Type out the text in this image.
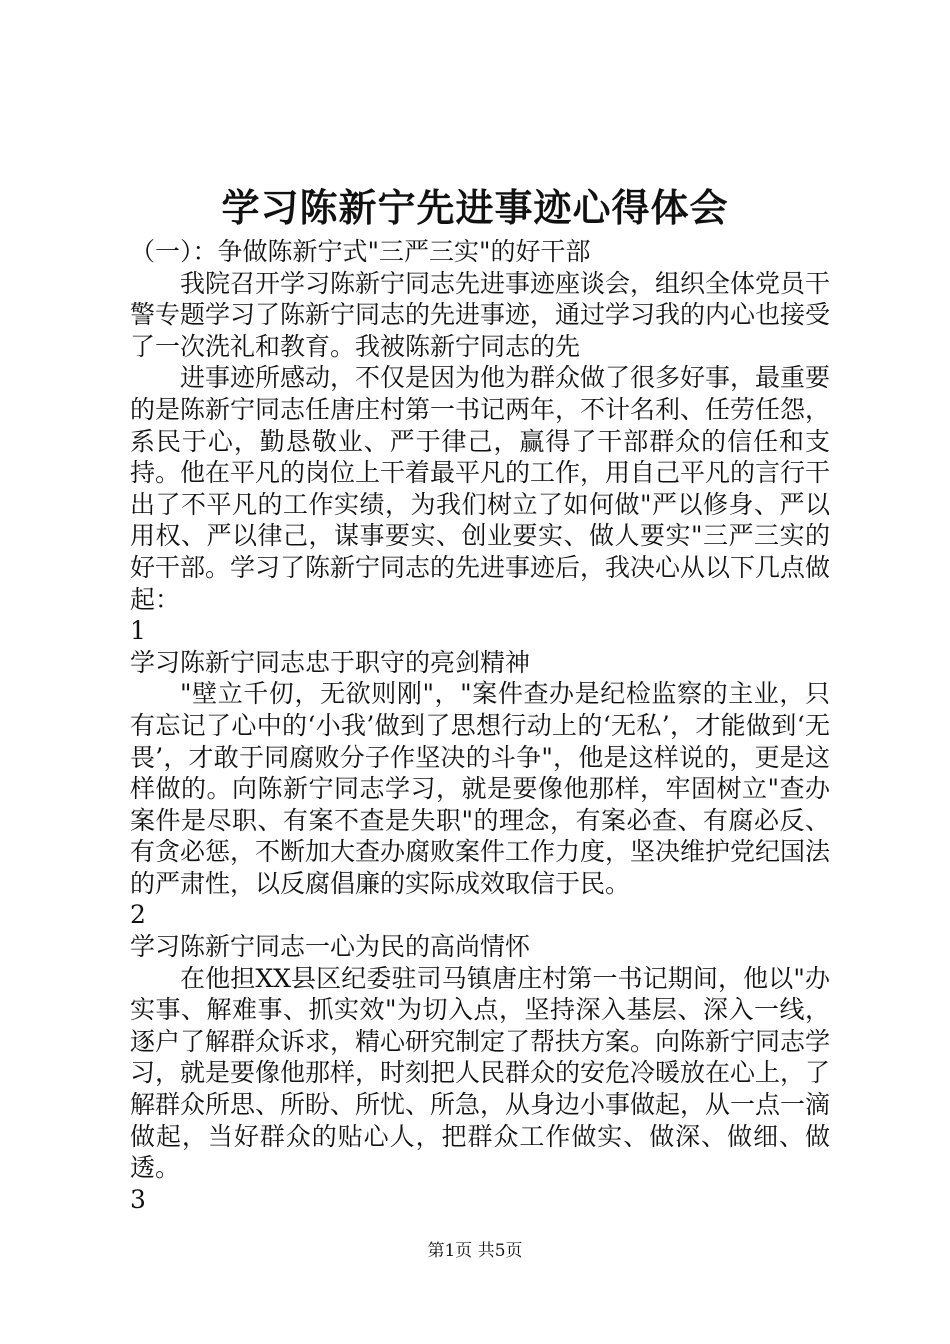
学习陈新宁先进事迹心得体会

（一）：争做陈新宁式"三严三实"的好干部

我院召开学习陈新宁同志先进事迹座谈会，组织全体党员干警专题学习了陈新宁同志的先进事迹，通过学习我的内心也接受了一次洗礼和教育。我被陈新宁同志的先

进事迹所感动，不仅是因为他为群众做了很多好事，最重要的是陈新宁同志任唐庄村第一书记两年，不计名利、任劳任怨，系民于心，勤恳敬业、严于律己，赢得了干部群众的信任和支持。他在平凡的岗位上干着最平凡的工作，用自己平凡的言行干出了不平凡的工作实绩，为我们树立了如何做"严以修身、严以用权、严以律己，谋事要实、创业要实、做人要实"三严三实的好干部。学习了陈新宁同志的先进事迹后，我决心从以下几点做起：

1

学习陈新宁同志忠于职守的亮剑精神

"壁立千仞，无欲则刚"，"案件查办是纪检监察的主业，只有忘记了心中的‘小我’做到了思想行动上的‘无私’，才能做到‘无畏’，才敢于同腐败分子作坚决的斗争"，他是这样说的，更是这样做的。向陈新宁同志学习，就是要像他那样，牢固树立"查办案件是尽职、有案不查是失职"的理念，有案必查、有腐必反、有贪必惩，不断加大查办腐败案件工作力度，坚决维护党纪国法的严肃性，以反腐倡廉的实际成效取信于民。

2

学习陈新宁同志一心为民的高尚情怀

在他担XX县区纪委驻司马镇唐庄村第一书记期间，他以"办实事、解难事、抓实效"为切入点，坚持深入基层、深入一线，逐户了解群众诉求，精心研究制定了帮扶方案。向陈新宁同志学习，就是要像他那样，时刻把人民群众的安危冷暖放在心上，了解群众所思、所盼、所忧、所急，从身边小事做起，从一点一滴做起，当好群众的贴心人，把群众工作做实、做深、做细、做透。

3

第1页 共5页
